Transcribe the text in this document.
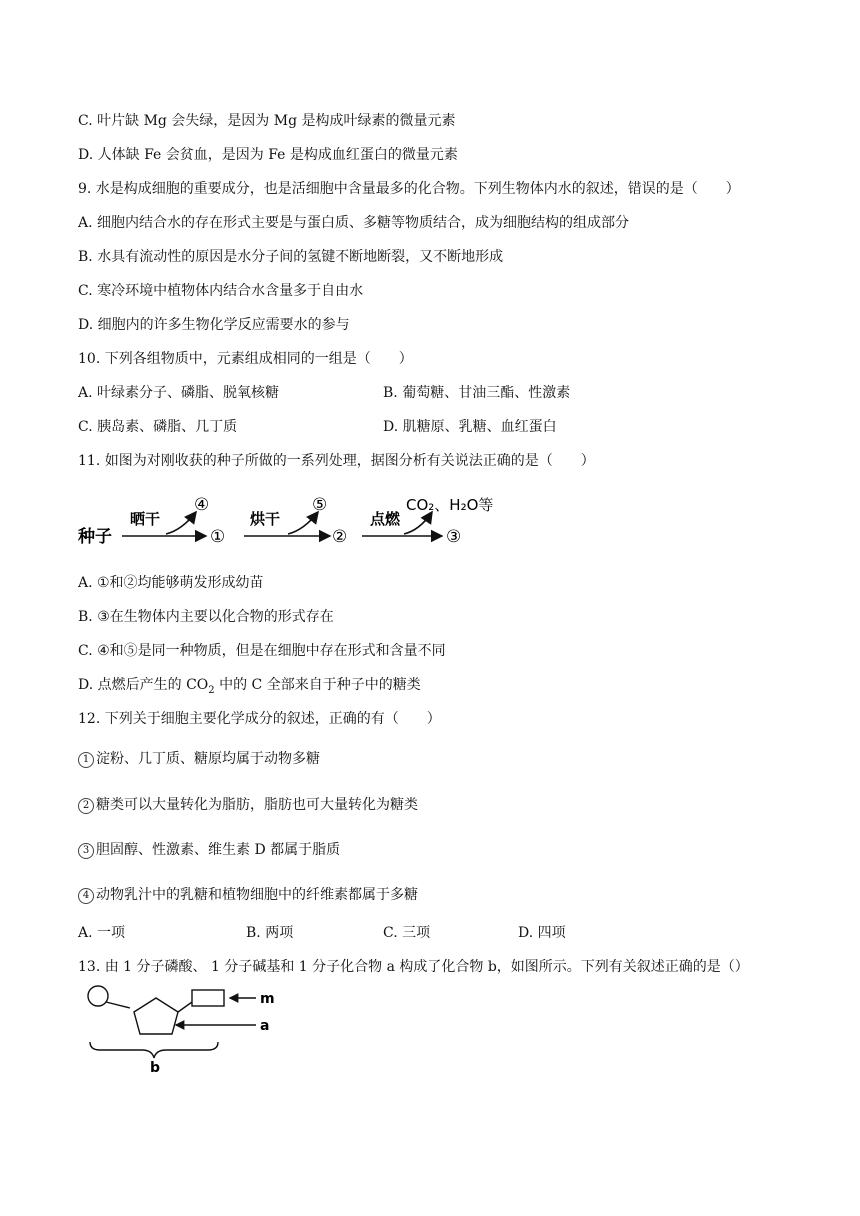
C. 叶片缺 Mg 会失绿，是因为 Mg 是构成叶绿素的微量元素
D. 人体缺 Fe 会贫血，是因为 Fe 是构成血红蛋白的微量元素
9. 水是构成细胞的重要成分，也是活细胞中含量最多的化合物。下列生物体内水的叙述，错误的是（　　）
A. 细胞内结合水的存在形式主要是与蛋白质、多糖等物质结合，成为细胞结构的组成部分
B. 水具有流动性的原因是水分子间的氢键不断地断裂，又不断地形成
C. 寒冷环境中植物体内结合水含量多于自由水
D. 细胞内的许多生物化学反应需要水的参与
10. 下列各组物质中，元素组成相同的一组是（　　）
A. 叶绿素分子、磷脂、脱氧核糖	B. 葡萄糖、甘油三酯、性激素
C. 胰岛素、磷脂、几丁质	D. 肌糖原、乳糖、血红蛋白
11. 如图为对刚收获的种子所做的一系列处理，据图分析有关说法正确的是（　　）
种子
晒干
④
①
烘干
⑤
②
点燃
CO₂、H₂O等
③
A. ①和②均能够萌发形成幼苗
B. ③在生物体内主要以化合物的形式存在
C. ④和⑤是同一种物质，但是在细胞中存在形式和含量不同
D. 点燃后产生的 $CO_2$ 中的 C 全部来自于种子中的糖类
12. 下列关于细胞主要化学成分的叙述，正确的有（　　）
1 淀粉、几丁质、糖原均属于动物多糖
2 糖类可以大量转化为脂肪，脂肪也可大量转化为糖类
3 胆固醇、性激素、维生素 D 都属于脂质
4 动物乳汁中的乳糖和植物细胞中的纤维素都属于多糖
A. 一项	B. 两项	C. 三项	D. 四项
13. 由 1 分子磷酸、 1 分子碱基和 1 分子化合物 a 构成了化合物 b，如图所示。下列有关叙述正确的是（）
m
a
b
